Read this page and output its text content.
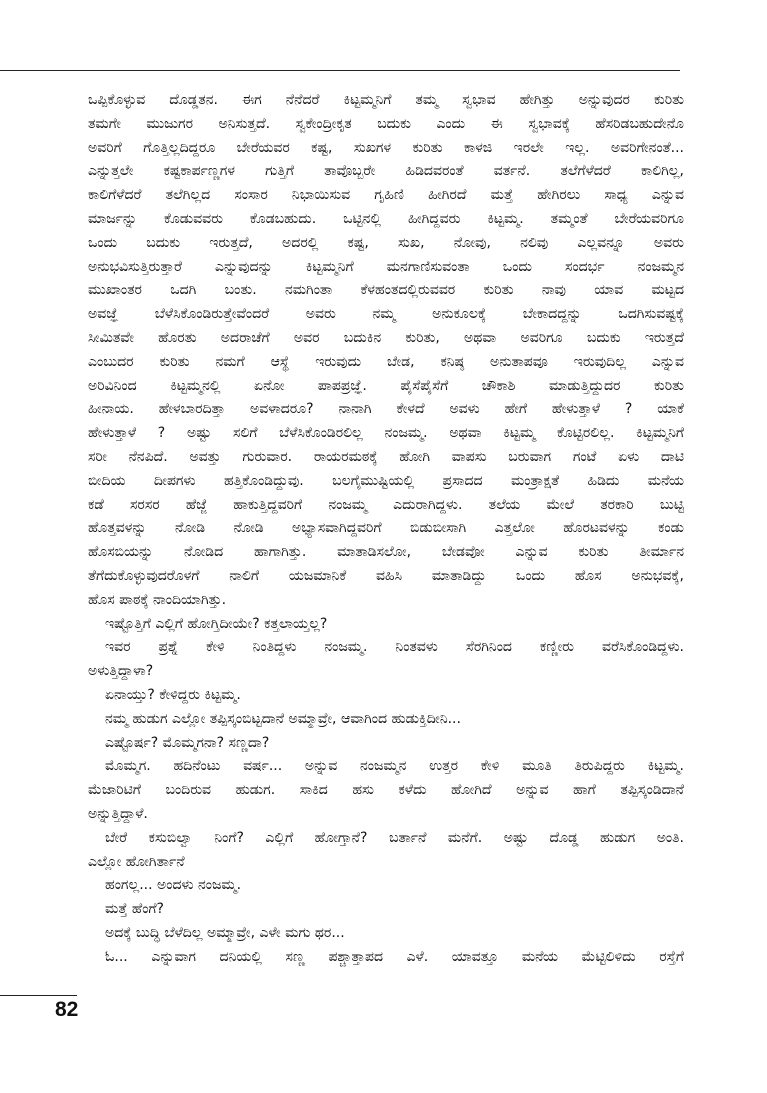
ಒಪ್ಪಿಕೊಳ್ಳುವ ದೊಡ್ಡತನ. ಈಗ ನೆನೆದರೆ ಕಿಟ್ಟಮ್ಮನಿಗೆ ತಮ್ಮ ಸ್ವಭಾವ ಹೇಗಿತ್ತು ಅನ್ನುವುದರ ಕುರಿತು
ತಮಗೇ ಮುಜುಗರ ಅನಿಸುತ್ತದೆ. ಸ್ವಕೇಂದ್ರೀಕೃತ ಬದುಕು ಎಂದು ಈ ಸ್ವಭಾವಕ್ಕೆ ಹೆಸರಿಡಬಹುದೇನೊ
ಅವರಿಗೆ ಗೊತ್ತಿಲ್ಲದಿದ್ದರೂ ಬೇರೆಯವರ ಕಷ್ಟ, ಸುಖಗಳ ಕುರಿತು ಕಾಳಜಿ ಇರಲೇ ಇಲ್ಲ. ಅವರಿಗೇನಂತೆ...
ಎನ್ನುತ್ತಲೇ ಕಷ್ಟಕಾರ್ಪಣ್ಣಗಳ ಗುತ್ತಿಗೆ ತಾವೊಬ್ಬರೇ ಹಿಡಿದವರಂತೆ ವರ್ತನೆ. ತಲೆಗೆಳೆದರೆ ಕಾಲಿಗಿಲ್ಲ,
ಕಾಲಿಗೆಳೆದರೆ ತಲೆಗಿಲ್ಲದ ಸಂಸಾರ ನಿಭಾಯಿಸುವ ಗೃಹಿಣಿ ಹೀಗಿರದೆ ಮತ್ತೆ ಹೇಗಿರಲು ಸಾಧ್ಯ ಎನ್ನುವ
ಮಾರ್ಜನ್ನು ಕೊಡುವವರು ಕೊಡಬಹುದು. ಒಟ್ಟಿನಲ್ಲಿ ಹೀಗಿದ್ದವರು ಕಿಟ್ಟಮ್ಮ. ತಮ್ಮಂತೆ ಬೇರೆಯವರಿಗೂ
ಒಂದು ಬದುಕು ಇರುತ್ತದೆ, ಅದರಲ್ಲಿ ಕಷ್ಟ, ಸುಖ, ನೋವು, ನಲಿವು ಎಲ್ಲವನ್ನೂ ಅವರು
ಅನುಭವಿಸುತ್ತಿರುತ್ತಾರೆ ಎನ್ನುವುದನ್ನು ಕಿಟ್ಟಮ್ಮನಿಗೆ ಮನಗಾಣಿಸುವಂತಾ ಒಂದು ಸಂದರ್ಭ ನಂಜಮ್ಮನ
ಮುಖಾಂತರ ಒದಗಿ ಬಂತು. ನಮಗಿಂತಾ ಕೆಳಹಂತದಲ್ಲಿರುವವರ ಕುರಿತು ನಾವು ಯಾವ ಮಟ್ಟದ
ಅವಜ್ಞೆ ಬೆಳೆಸಿಕೊಂಡಿರುತ್ತೇವೆಂದರೆ ಅವರು ನಮ್ಮ ಅನುಕೂಲಕ್ಕೆ ಬೇಕಾದದ್ದನ್ನು ಒದಗಿಸುವಷ್ಟಕ್ಕೆ
ಸೀಮಿತವೇ ಹೊರತು ಅದರಾಚೆಗೆ ಅವರ ಬದುಕಿನ ಕುರಿತು, ಅಥವಾ ಅವರಿಗೂ ಬದುಕು ಇರುತ್ತದೆ
ಎಂಬುದರ ಕುರಿತು ನಮಗೆ ಆಸ್ಥೆ ಇರುವುದು ಬೇಡ, ಕನಿಷ್ಠ ಅನುತಾಪವೂ ಇರುವುದಿಲ್ಲ ಎನ್ನುವ
ಅರಿವಿನಿಂದ ಕಿಟ್ಟಮ್ಮನಲ್ಲಿ ಏನೋ ಪಾಪಪ್ರಜ್ಞೆ. ಪೈಸೆಪೈಸೆಗೆ ಚೌಕಾಶಿ ಮಾಡುತ್ತಿದ್ದುದರ ಕುರಿತು
ಹೀನಾಯ. ಹೇಳಬಾರದಿತ್ತಾ ಅವಳಾದರೂ? ನಾನಾಗಿ ಕೇಳದೆ ಅವಳು ಹೇಗೆ ಹೇಳುತ್ತಾಳೆ ? ಯಾಕೆ
ಹೇಳುತ್ತಾಳೆ ? ಅಷ್ಟು ಸಲಿಗೆ ಬೆಳೆಸಿಕೊಂಡಿರಲಿಲ್ಲ ನಂಜಮ್ಮ. ಅಥವಾ ಕಿಟ್ಟಮ್ಮ ಕೊಟ್ಟಿರಲಿಲ್ಲ. ಕಿಟ್ಟಮ್ಮನಿಗೆ
ಸರೀ ನೆನಪಿದೆ. ಅವತ್ತು ಗುರುವಾರ. ರಾಯರಮಠಕ್ಕೆ ಹೋಗಿ ವಾಪಸು ಬರುವಾಗ ಗಂಟೆ ಏಳು ದಾಟಿ
ಬೀದಿಯ ದೀಪಗಳು ಹತ್ತಿಕೊಂಡಿದ್ದುವು. ಬಲಗೈಮುಷ್ಟಿಯಲ್ಲಿ ಪ್ರಸಾದದ ಮಂತ್ರಾಕ್ಷತೆ ಹಿಡಿದು ಮನೆಯ
ಕಡೆ ಸರಸರ ಹೆಜ್ಜೆ ಹಾಕುತ್ತಿದ್ದವರಿಗೆ ನಂಜಮ್ಮ ಎದುರಾಗಿದ್ದಳು. ತಲೆಯ ಮೇಲೆ ತರಕಾರಿ ಬುಟ್ಟಿ
ಹೊತ್ತವಳನ್ನು ನೋಡಿ ನೋಡಿ ಅಭ್ಯಾಸವಾಗಿದ್ದವರಿಗೆ ಬಿಡುಬೀಸಾಗಿ ಎತ್ತಲೋ ಹೊರಟವಳನ್ನು ಕಂಡು
ಹೊಸಬಿಯನ್ನು ನೋಡಿದ ಹಾಗಾಗಿತ್ತು. ಮಾತಾಡಿಸಲೋ, ಬೇಡವೋ ಎನ್ನುವ ಕುರಿತು ತೀರ್ಮಾನ
ತೆಗೆದುಕೊಳ್ಳುವುದರೊಳಗೆ ನಾಲಿಗೆ ಯಜಮಾನಿಕೆ ವಹಿಸಿ ಮಾತಾಡಿದ್ದು ಒಂದು ಹೊಸ ಅನುಭವಕ್ಕೆ,
ಹೊಸ ಪಾಠಕ್ಕೆ ನಾಂದಿಯಾಗಿತ್ತು.
ಇಷ್ಟೊತ್ತಿಗೆ ಎಲ್ಲಿಗೆ ಹೋಗ್ತಿದೀಯೇ? ಕತ್ತಲಾಯ್ತಲ್ಲ?
ಇವರ ಪ್ರಶ್ನೆ ಕೇಳಿ ನಿಂತಿದ್ದಳು ನಂಜಮ್ಮ. ನಿಂತವಳು ಸೆರಗಿನಿಂದ ಕಣ್ಣೀರು ವರೆಸಿಕೊಂಡಿದ್ದಳು.
ಅಳುತ್ತಿದ್ದಾಳಾ?
ಏನಾಯ್ತು? ಕೇಳಿದ್ದರು ಕಿಟ್ಟಮ್ಮ.
ನಮ್ಮ ಹುಡುಗ ಎಲ್ಲೋ ತಪ್ಪಿಸ್ಕಂಬಿಟ್ಟದಾನೆ ಅಮ್ಮಾವ್ರೇ, ಆವಾಗಿಂದ ಹುಡುಕ್ತಿದೀನಿ...
ಎಷ್ಟೊರ್ಷ? ಮೊಮ್ಮಗನಾ? ಸಣ್ಣದಾ?
ಮೊಮ್ಮಗ. ಹದಿನೆಂಟು ವರ್ಷ... ಅನ್ನುವ ನಂಜಮ್ಮನ ಉತ್ತರ ಕೇಳಿ ಮೂತಿ ತಿರುಪಿದ್ದರು ಕಿಟ್ಟಮ್ಮ.
ಮೆಜಾರಿಟಿಗೆ ಬಂದಿರುವ ಹುಡುಗ. ಸಾಕಿದ ಹಸು ಕಳೆದು ಹೋಗಿದೆ ಅನ್ನುವ ಹಾಗೆ ತಪ್ಪಿಸ್ಕಂಡಿದಾನೆ
ಅನ್ನುತ್ತಿದ್ದಾಳೆ.
ಬೇರೆ ಕಸುಬಿಲ್ವಾ ನಿಂಗೆ? ಎಲ್ಲಿಗೆ ಹೋಗ್ತಾನೆ? ಬರ್ತಾನೆ ಮನೆಗೆ. ಅಷ್ಟು ದೊಡ್ಡ ಹುಡುಗ ಅಂತಿ.
ಎಲ್ಲೋ ಹೋಗಿರ್ತಾನೆ
ಹಂಗಲ್ಲ... ಅಂದಳು ನಂಜಮ್ಮ.
ಮತ್ತೆ ಹೆಂಗೆ?
ಅದಕ್ಕೆ ಬುದ್ಧಿ ಬೆಳೆದಿಲ್ಲ ಅಮ್ಮಾವ್ರೇ, ಎಳೇ ಮಗು ಥರ...
ಓ... ಎನ್ನುವಾಗ ದನಿಯಲ್ಲಿ ಸಣ್ಣ ಪಶ್ಚಾತ್ತಾಪದ ಎಳೆ. ಯಾವತ್ತೂ ಮನೆಯ ಮೆಟ್ಟಿಲಿಳಿದು ರಸ್ತೆಗೆ
82
